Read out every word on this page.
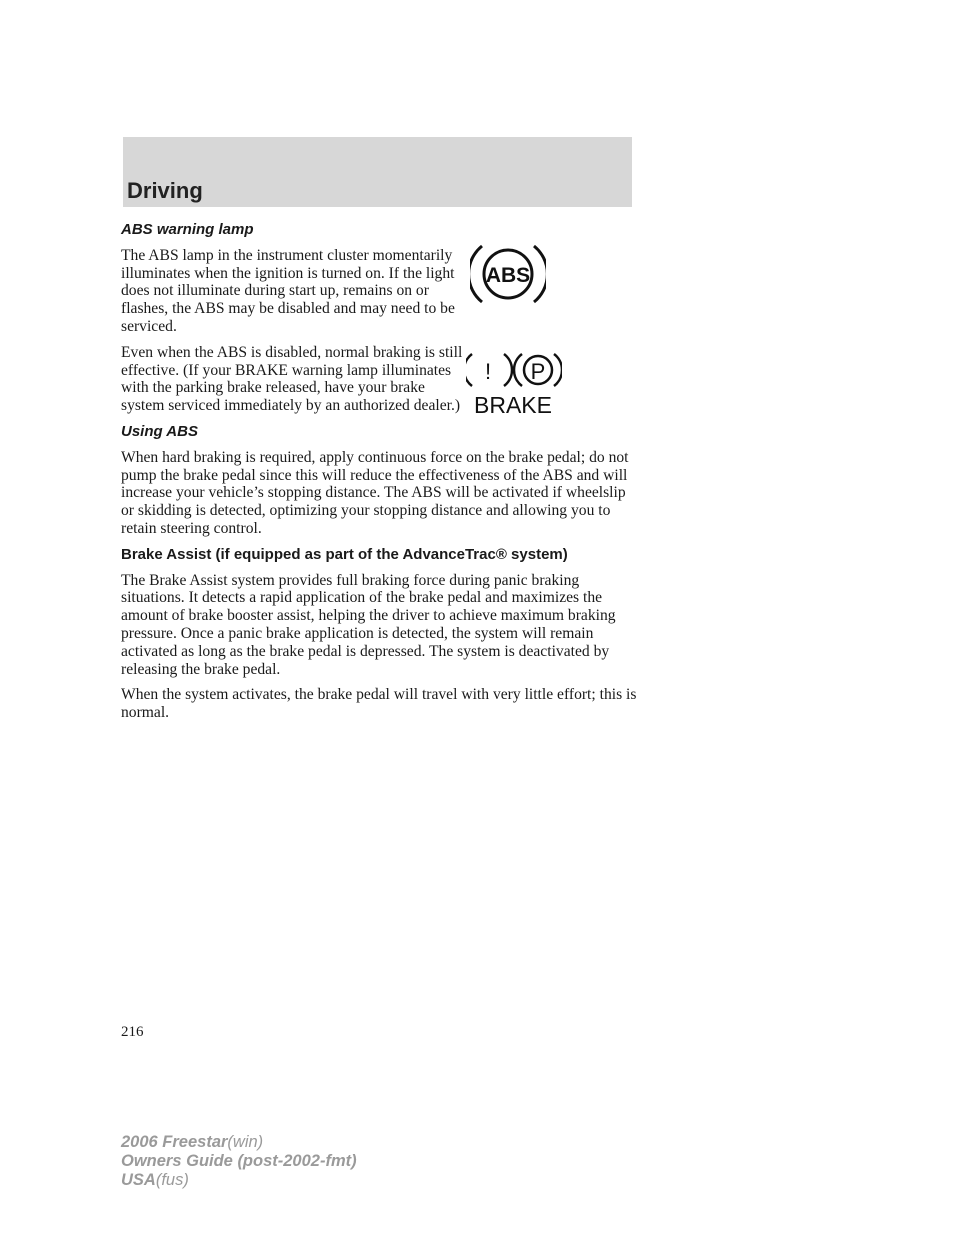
Driving
ABS
! P
BRAKE
ABS warning lamp

The ABS lamp in the instrument cluster momentarily illuminates when the ignition is turned on. If the light does not illuminate during start up, remains on or flashes, the ABS may be disabled and may need to be serviced.

Even when the ABS is disabled, normal braking is still effective. (If your BRAKE warning lamp illuminates with the parking brake released, have your brake system serviced immediately by an authorized dealer.)

Using ABS

When hard braking is required, apply continuous force on the brake pedal; do not pump the brake pedal since this will reduce the effectiveness of the ABS and will increase your vehicle’s stopping distance. The ABS will be activated if wheelslip or skidding is detected, optimizing your stopping distance and allowing you to retain steering control.

Brake Assist (if equipped as part of the AdvanceTrac® system)

The Brake Assist system provides full braking force during panic braking situations. It detects a rapid application of the brake pedal and maximizes the amount of brake booster assist, helping the driver to achieve maximum braking pressure. Once a panic brake application is detected, the system will remain activated as long as the brake pedal is depressed. The system is deactivated by releasing the brake pedal.

When the system activates, the brake pedal will travel with very little effort; this is normal.

216
2006 Freestar(win)
Owners Guide (post-2002-fmt)
USA(fus)
